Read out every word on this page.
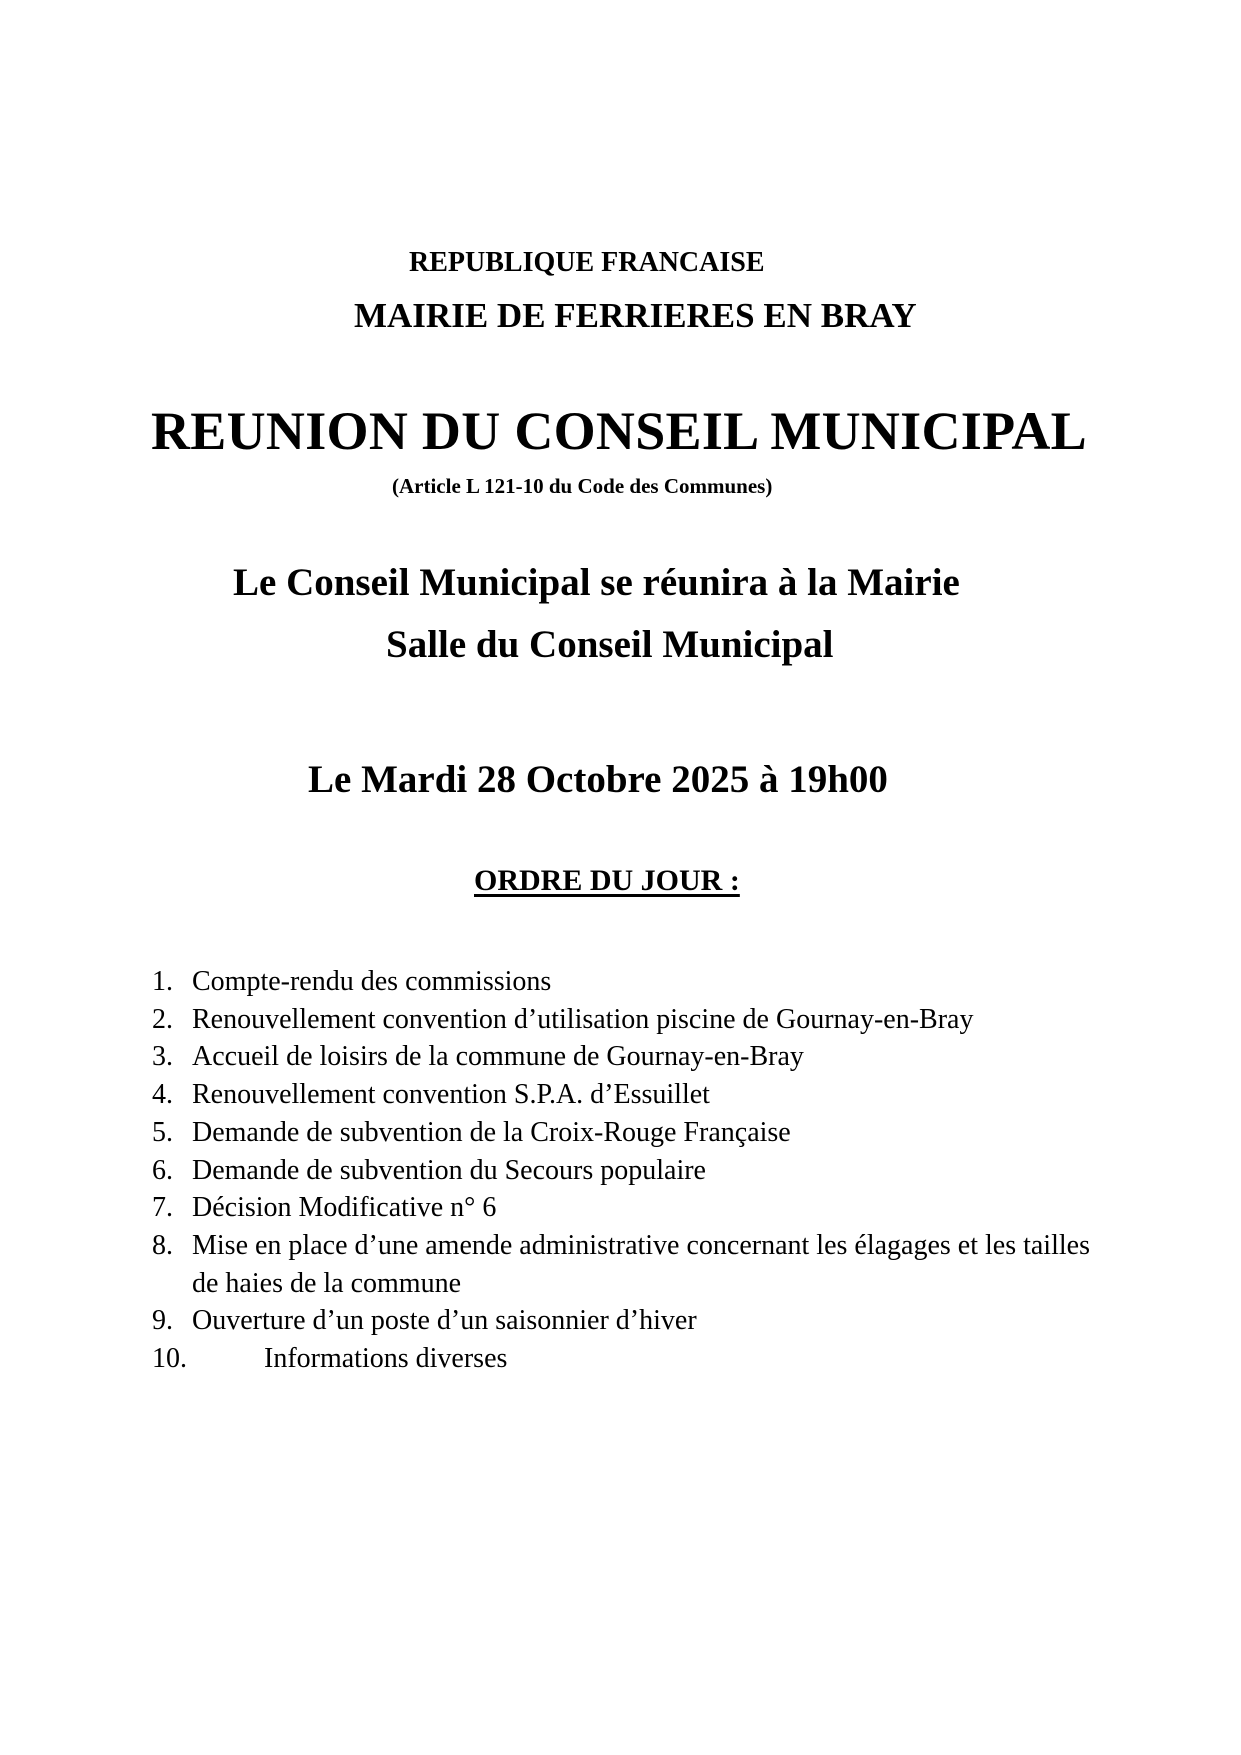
REPUBLIQUE FRANCAISE
MAIRIE DE FERRIERES EN BRAY
REUNION DU CONSEIL MUNICIPAL
(Article L 121-10 du Code des Communes)
Le Conseil Municipal se réunira à la Mairie
Salle du Conseil Municipal
Le Mardi 28 Octobre 2025 à 19h00
ORDRE DU JOUR :
1. Compte-rendu des commissions
2. Renouvellement convention d’utilisation piscine de Gournay-en-Bray
3. Accueil de loisirs de la commune de Gournay-en-Bray
4. Renouvellement convention S.P.A. d’Essuillet
5. Demande de subvention de la Croix-Rouge Française
6. Demande de subvention du Secours populaire
7. Décision Modificative n° 6
8. Mise en place d’une amende administrative concernant les élagages et les tailles de haies de la commune
9. Ouverture d’un poste d’un saisonnier d’hiver
10.	Informations diverses
